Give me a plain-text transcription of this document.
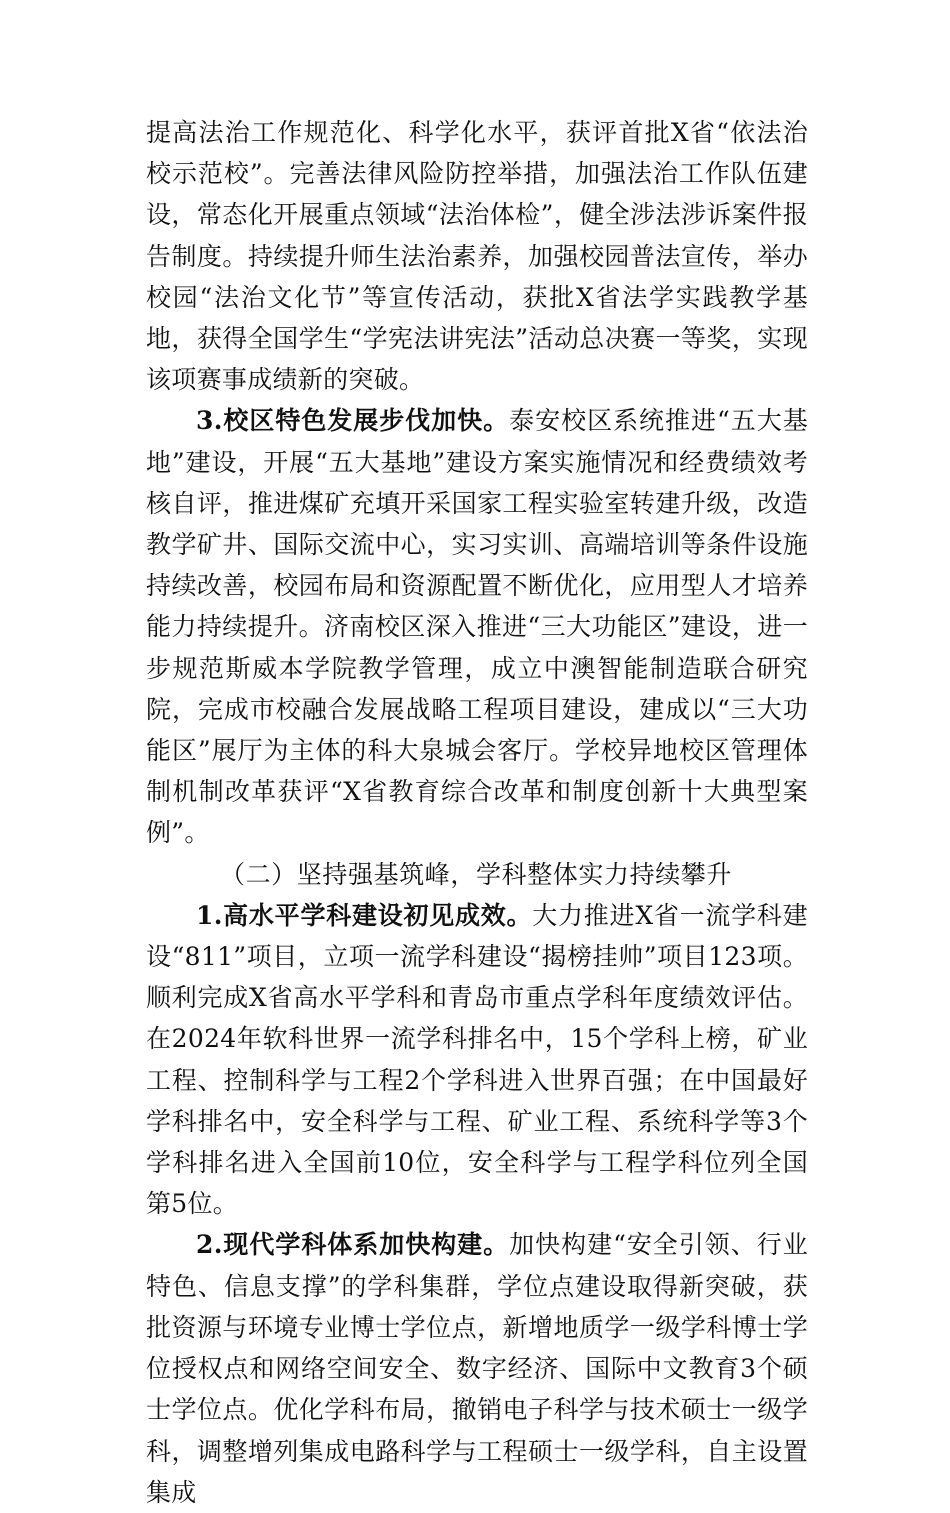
提高法治工作规范化、科学化水平，获评首批X省“依法治校示范校”。完善法律风险防控举措，加强法治工作队伍建设，常态化开展重点领域“法治体检”，健全涉法涉诉案件报告制度。持续提升师生法治素养，加强校园普法宣传，举办校园“法治文化节”等宣传活动，获批X省法学实践教学基地，获得全国学生“学宪法讲宪法”活动总决赛一等奖，实现该项赛事成绩新的突破。

3.校区特色发展步伐加快。泰安校区系统推进“五大基地”建设，开展“五大基地”建设方案实施情况和经费绩效考核自评，推进煤矿充填开采国家工程实验室转建升级，改造教学矿井、国际交流中心，实习实训、高端培训等条件设施持续改善，校园布局和资源配置不断优化，应用型人才培养能力持续提升。济南校区深入推进“三大功能区”建设，进一步规范斯威本学院教学管理，成立中澳智能制造联合研究院，完成市校融合发展战略工程项目建设，建成以“三大功能区”展厅为主体的科大泉城会客厅。学校异地校区管理体制机制改革获评“X省教育综合改革和制度创新十大典型案例”。

（二）坚持强基筑峰，学科整体实力持续攀升

1.高水平学科建设初见成效。大力推进X省一流学科建设“811”项目，立项一流学科建设“揭榜挂帅”项目123项。顺利完成X省高水平学科和青岛市重点学科年度绩效评估。在2024年软科世界一流学科排名中，15个学科上榜，矿业工程、控制科学与工程2个学科进入世界百强；在中国最好学科排名中，安全科学与工程、矿业工程、系统科学等3个学科排名进入全国前10位，安全科学与工程学科位列全国第5位。

2.现代学科体系加快构建。加快构建“安全引领、行业特色、信息支撑”的学科集群，学位点建设取得新突破，获批资源与环境专业博士学位点，新增地质学一级学科博士学位授权点和网络空间安全、数字经济、国际中文教育3个硕士学位点。优化学科布局，撤销电子科学与技术硕士一级学科，调整增列集成电路科学与工程硕士一级学科，自主设置集成
